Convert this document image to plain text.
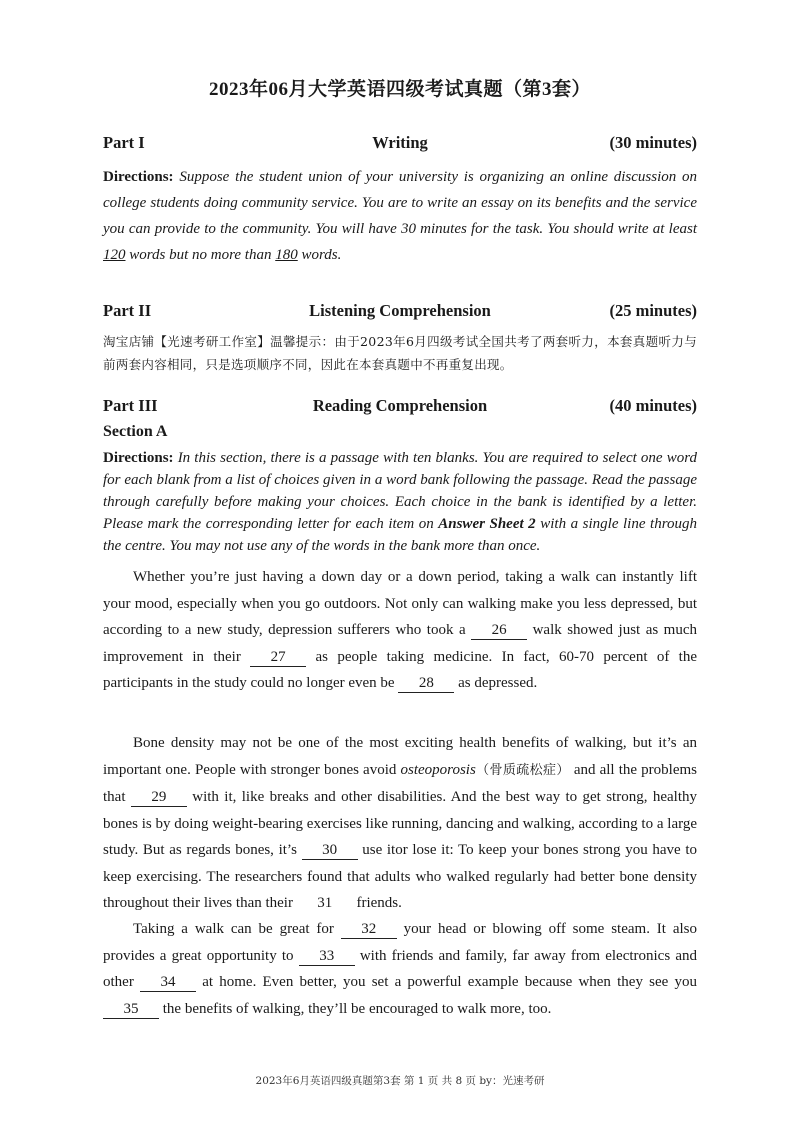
2023年06月大学英语四级考试真题（第3套）
Writing
Part I	(30 minutes)
Directions: Suppose the student union of your university is organizing an online discussion on college students doing community service. You are to write an essay on its benefits and the service you can provide to the community. You will have 30 minutes for the task. You should write at least 120 words but no more than 180 words.
Listening Comprehension
Part II	(25 minutes)
淘宝店铺【光速考研工作室】温馨提示：由于2023年6月四级考试全国共考了两套听力，本套真题听力与前两套内容相同，只是选项顺序不同，因此在本套真题中不再重复出现。
Reading Comprehension
Part III	(40 minutes)
Section A
Directions: In this section, there is a passage with ten blanks. You are required to select one word for each blank from a list of choices given in a word bank following the passage. Read the passage through carefully before making your choices. Each choice in the bank is identified by a letter. Please mark the corresponding letter for each item on Answer Sheet 2 with a single line through the centre. You may not use any of the words in the bank more than once.
Whether you’re just having a down day or a down period, taking a walk can instantly lift your mood, especially when you go outdoors. Not only can walking make you less depressed, but according to a new study, depression sufferers who took a 26 walk showed just as much improvement in their 27 as people taking medicine. In fact, 60-70 percent of the participants in the study could no longer even be 28 as depressed.
Bone density may not be one of the most exciting health benefits of walking, but it’s an important one. People with stronger bones avoid osteoporosis（骨质疏松症） and all the problems that 29 with it, like breaks and other disabilities. And the best way to get strong, healthy bones is by doing weight-bearing exercises like running, dancing and walking, according to a large study. But as regards bones, it’s 30 use itor lose it: To keep your bones strong you have to keep exercising. The researchers found that adults who walked regularly had better bone density throughout their lives than their 31 friends.
Taking a walk can be great for 32 your head or blowing off some steam. It also provides a great opportunity to 33 with friends and family, far away from electronics and other 34 at home. Even better, you set a powerful example because when they see you 35 the benefits of walking, they’ll be encouraged to walk more, too.
2023年6月英语四级真题第3套 第 1 页 共 8 页 by：光速考研
